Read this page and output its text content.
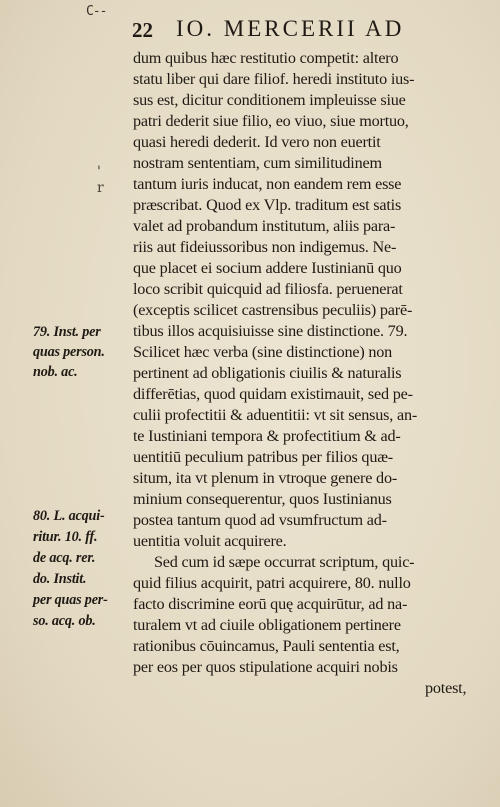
C--
22 IO. MERCERII AD
'
r
dum quibus hæc restitutio competit: altero
statu liber qui dare filiof. heredi instituto ius-
sus est, dicitur conditionem impleuisse siue
patri dederit siue filio, eo viuo, siue mortuo,
quasi heredi dederit. Id vero non euertit
nostram sententiam, cum similitudinem
tantum iuris inducat, non eandem rem esse
præscribat. Quod ex Vlp. traditum est satis
valet ad probandum institutum, aliis para-
riis aut fideiussoribus non indigemus. Ne-
que placet ei socium addere Iustinianū quo
loco scribit quicquid ad filiosfa. peruenerat
(exceptis scilicet castrensibus peculiis) parē-
tibus illos acquisiuisse sine distinctione. 79.
Scilicet hæc verba (sine distinctione) non
pertinent ad obligationis ciuilis & naturalis
differētias, quod quidam existimauit, sed pe-
culii profectitii & aduentitii: vt sit sensus, an-
te Iustiniani tempora & profectitium & ad-
uentitiū peculium patribus per filios quæ-
situm, ita vt plenum in vtroque genere do-
minium consequerentur, quos Iustinianus
postea tantum quod ad vsumfructum ad-
uentitia voluit acquirere.
Sed cum id sæpe occurrat scriptum, quic-
quid filius acquirit, patri acquirere, 80. nullo
facto discrimine eorū quę acquirūtur, ad na-
turalem vt ad ciuile obligationem pertinere
rationibus cōuincamus, Pauli sententia est,
per eos per quos stipulatione acquiri nobis
potest,
79. Inst. per
quas person.
nob. ac.
80. L. acqui-
ritur. 10. ff.
de acq. rer.
do. Instit.
per quas per-
so. acq. ob.
